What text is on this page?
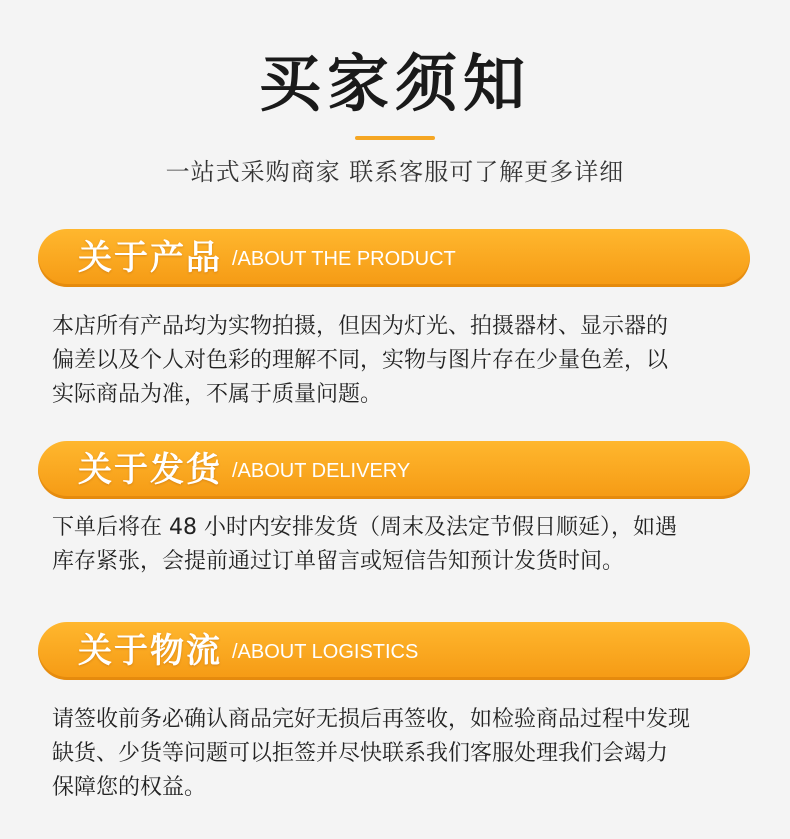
买家须知
一站式采购商家 联系客服可了解更多详细
关于产品 /ABOUT THE PRODUCT

本店所有产品均为实物拍摄，但因为灯光、拍摄器材、显示器的
偏差以及个人对色彩的理解不同，实物与图片存在少量色差，以
实际商品为准，不属于质量问题。

关于发货 /ABOUT DELIVERY

下单后将在 48 小时内安排发货（周末及法定节假日顺延），如遇
库存紧张，会提前通过订单留言或短信告知预计发货时间。

关于物流 /ABOUT LOGISTICS

请签收前务必确认商品完好无损后再签收，如检验商品过程中发现
缺货、少货等问题可以拒签并尽快联系我们客服处理我们会竭力
保障您的权益。
